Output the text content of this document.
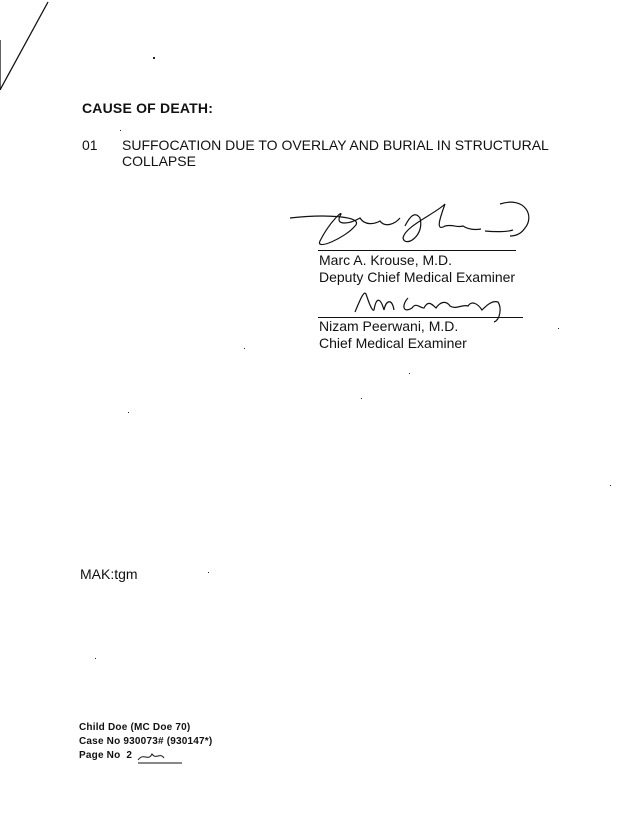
CAUSE OF DEATH:
01 SUFFOCATION DUE TO OVERLAY AND BURIAL IN STRUCTURAL COLLAPSE
Marc A. Krouse, M.D.
Deputy Chief Medical Examiner
Nizam Peerwani, M.D.
Chief Medical Examiner
MAK:tgm
Child Doe (MC Doe 70)
Case No 930073# (930147*)
Page No 2
